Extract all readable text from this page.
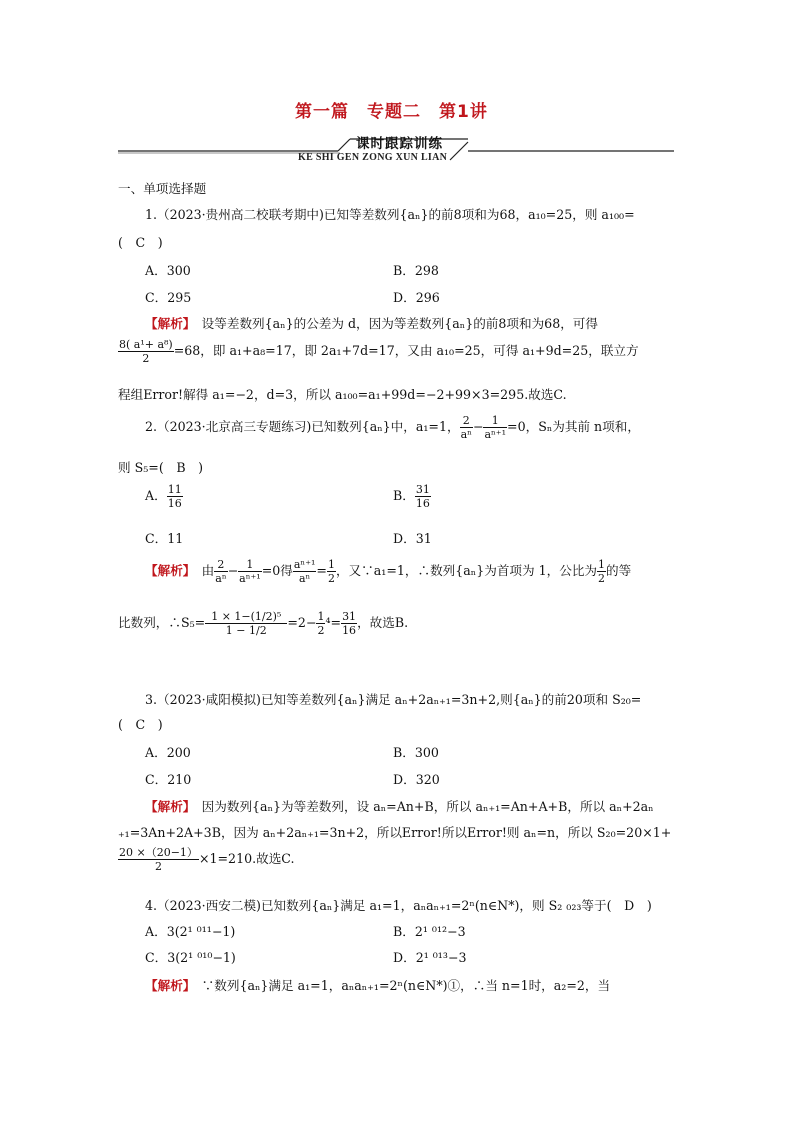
第一篇　专题二　第1讲
课时跟踪训练
KE SHI GEN ZONG XUN LIAN
一、单项选择题
1.（2023·贵州高二校联考期中)已知等差数列{aₙ}的前8项和为68，a₁₀=25，则 a₁₀₀=
(　C　)
A．300	B．298
C．295	D．296
【解析】　 设等差数列{aₙ}的公差为 d，因为等差数列{aₙ}的前8项和为68，可得
$\frac{\text{8( a¹+ a⁸)}}{2} =68$，即 a₁+a₈=17，即 2a₁+7d=17，又由 a₁₀=25，可得 a₁+9d=25，联立方
程组Error!解得 a₁=−2，d=3，所以 a₁₀₀=a₁+99d=−2+99×3=295.故选C.
2.（2023·北京高三专题练习)已知数列{aₙ}中，a₁=1， $\frac{2}{\text{aⁿ}} - \frac{1}{\text{aⁿ⁺¹}} =0$，Sₙ为其前 n项和，
则 S₅=(　B　)
A． $\frac{11}{16}$	B． $\frac{31}{16}$
C．11	D．31
【解析】　 由 $\frac{2}{\text{aⁿ}} - \frac{1}{\text{aⁿ⁺¹}} =0$得 $\frac{\text{aⁿ⁺¹}}{\text{aⁿ}} = \frac{1}{2}$ ，又∵a₁=1，∴数列{aₙ}为首项为 1，公比为 $\frac{1}{2}$ 的等
比数列，∴S₅= $\frac{\text{1 × 1−(1/2)⁵}}{1 - 1/2} =2- \frac{1}{2} ^4= \frac{31}{16}$ ，故选B.
3.（2023·咸阳模拟)已知等差数列{aₙ}满足 aₙ+2aₙ₊₁=3n+2,则{aₙ}的前20项和 S₂₀=
(　C　)
A．200	B．300
C．210	D．320
【解析】　 因为数列{aₙ}为等差数列，设 aₙ=An+B，所以 aₙ₊₁=An+A+B，所以 aₙ+2aₙ
₊₁=3An+2A+3B，因为 aₙ+2aₙ₊₁=3n+2，所以Error!所以Error!则 aₙ=n，所以 S₂₀=20×1+
$\frac{20 \times(20-1)}{2} \times 1=210$.故选C.
4.（2023·西安二模)已知数列{aₙ}满足 a₁=1，aₙaₙ₊₁=2ⁿ(n∈N*)，则 S₂ ₀₂₃等于(　D　)
A．3(2¹ ⁰¹¹−1)	B．2¹ ⁰¹²−3
C．3(2¹ ⁰¹⁰−1)	D．2¹ ⁰¹³−3
【解析】　 ∵数列{aₙ}满足 a₁=1，aₙaₙ₊₁=2ⁿ(n∈N*)①，∴当 n=1时，a₂=2，当
